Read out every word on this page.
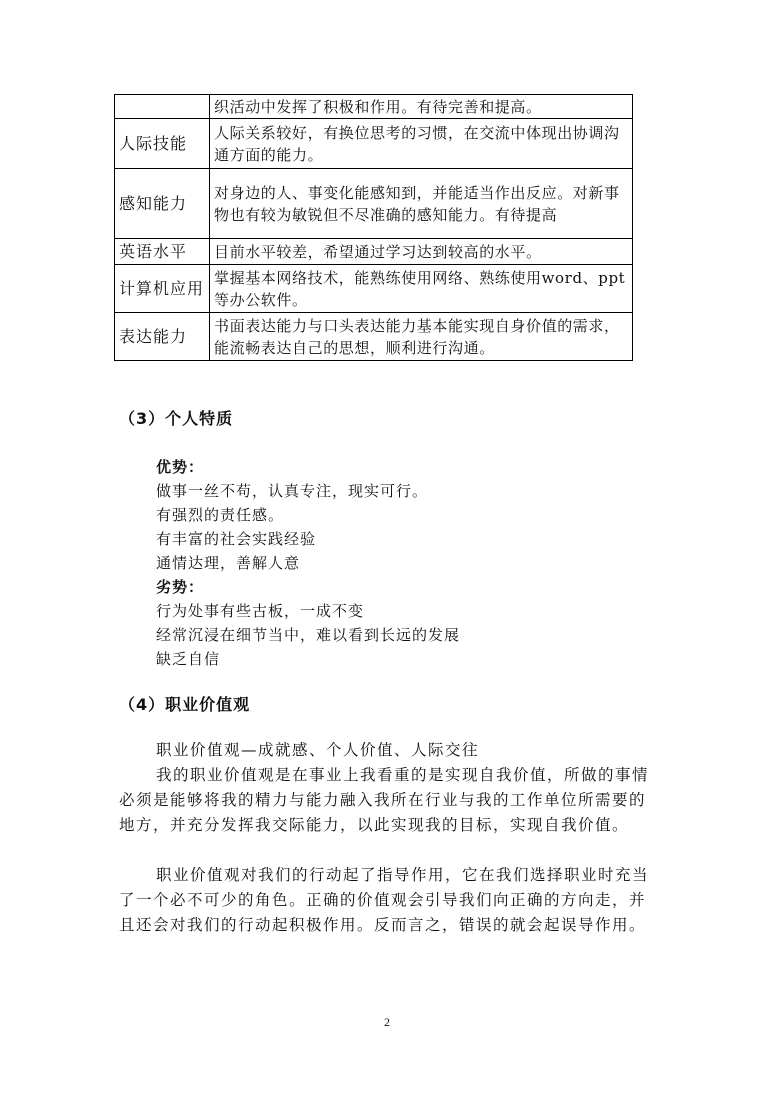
	织活动中发挥了积极和作用。有待完善和提高。
人际技能	人际关系较好，有换位思考的习惯，在交流中体现出协调沟通方面的能力。
感知能力	对身边的人、事变化能感知到，并能适当作出反应。对新事物也有较为敏锐但不尽准确的感知能力。有待提高
英语水平	目前水平较差，希望通过学习达到较高的水平。
计算机应用	掌握基本网络技术，能熟练使用网络、熟练使用word、ppt 等办公软件。
表达能力	书面表达能力与口头表达能力基本能实现自身价值的需求，能流畅表达自己的思想，顺利进行沟通。
（3）个人特质
优势：
做事一丝不苟，认真专注，现实可行。
有强烈的责任感。
有丰富的社会实践经验
通情达理，善解人意
劣势：
行为处事有些古板，一成不变
经常沉浸在细节当中，难以看到长远的发展
缺乏自信
（4）职业价值观

职业价值观—成就感、个人价值、人际交往

我的职业价值观是在事业上我看重的是实现自我价值，所做的事情必须是能够将我的精力与能力融入我所在行业与我的工作单位所需要的地方，并充分发挥我交际能力，以此实现我的目标，实现自我价值。

职业价值观对我们的行动起了指导作用，它在我们选择职业时充当了一个必不可少的角色。正确的价值观会引导我们向正确的方向走，并且还会对我们的行动起积极作用。反而言之，错误的就会起误导作用。

2
